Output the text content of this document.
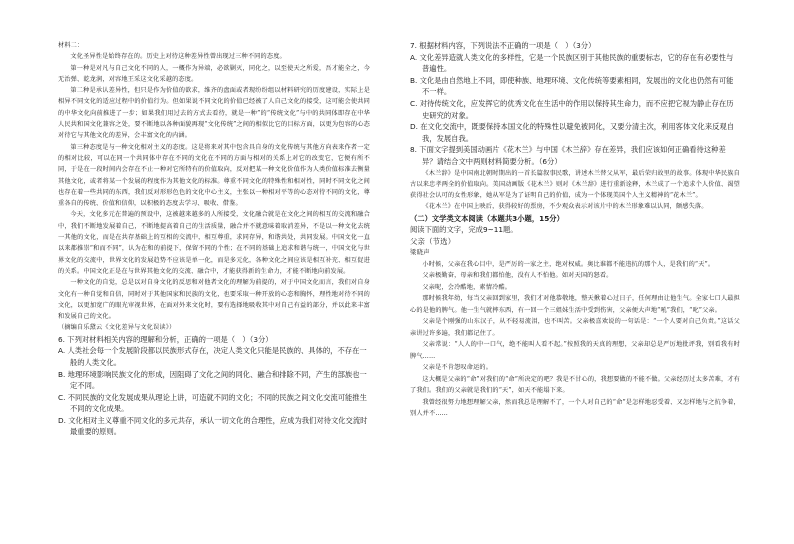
材料二：

文化圣异性是始终存在的。历史上对待这种差异性曾出现过三种不同的态度。

第一种是对凡与自己文化不同的人，一概作为异端，必欲剿灭，同化之，以至使天之所爱，吾才能全之，今无治弹、乾龙润，对容地王采这文化采越的态度。

第二种是承认差异性，但只是作为价值的欲求，维齐的盘面或者现纷纷组以材料研究的历度建设，实际上是相异不同文化的适应过程中的价值行为。但如果说不同文化的价值已经被了人自己文化的接受，这可能会使共同的中华文化向前推进了一步；如果我们用过去的方式去看待，就是一种”的“传统文化”与中的共同体即存在中华人民共和国文化兼容之处，要不断地以各种面貌再现“文化传统”之间的相似比它的目标方面，以更为包容的心态对待它与其他文化的差异，会丰富文化的内涵。

第三种态度是与一种文化相对主义的态度。这是将来对其中包含具自身的文化传统与其他方向表来作者一定的相对比较，可以在同一个共同体中存在不同的文化在不同的方面与相对的关系上对它的改变它，它便有所不同，于是在一段时间内会存在不止一种对它所特有的价值取向，反对把某一种文化价值作为人类价值标准去衡量其他文化，或者将某一个发展的程度作为其他文化的标准。尊重不同文化的特殊性和相对性，同时不同文化之间也存在着一些共同的东西，我们反对形形色色的文化中心主义，主张以一种相对平等的心态对待不同的文化，尊重各自的传统、价值和信仰，以积极的态度去学习、吸收、借鉴。

今天，文化多元在普遍的预设中，这被越来越多的人所接受，文化融合就是在文化之间的相互的交流和融合中，我们不断地发展着自己，不断地提高着自己的生活质量，融合并不就意味着取消差异，不是以一种文化去统一其他的文化，而是在共存基础上的互相的交流中，相互尊重，求同存异，和谐共处，共同发展。中国文化一直以来都推崇“和而不同”，认为在和的前提下，保留不同的个性；在不同的基础上追求和谐与统一，中国文化与世界文化的交流中，世界文化的发展趋势不应该是单一化，而是多元化，各种文化之间应该是相互补充、相互促进的关系。中国文化正是在与世界其他文化的交流、融合中，才能获得新的生命力，才能不断地向前发展。

一种文化的自觉，总是以对自身文化的反思和对他者文化的理解为前提的，对于中国文化而言，我们对自身文化有一种自觉和自信，同时对于其他国家和民族的文化，也要采取一种开放的心态和胸怀，理性地对待不同的文化，以更加宽广的眼光审视世界，在面对外来文化时，要有选择地吸收其中对自己有益的部分，并以此来丰富和发展自己的文化。

（摘编自乐黛云《文化差异与文化误读》）

6. 下列对材料相关内容的理解和分析，正确的一项是（　）（3分）

A. 人类社会每一个发展阶段都以民族形式存在，决定人类文化只能是民族的、具体的，不存在一般的人类文化。

B. 地理环境影响民族文化的形成，因阻碍了文化之间的同化、融合和排除不同，产生的部族也一定不同。

C. 不同民族的文化发展成果从理论上讲，可造就不同的文化；不同的民族之间文化交流可能推生不同的文化成果。

D. 文化相对主义尊重不同文化的多元共存，承认一切文化的合理性，应成为我们对待文化交流时最重要的原则。

7. 根据材料内容，下列说法不正确的一项是（　）（3分）

A. 文化差异造就人类文化的多样性，它是一个民族区别于其他民族的重要标志，它的存在有必要性与普遍性。

B. 文化是由自然地上不同，即使种族、地理环境、文化传统等要素相同，发展出的文化也仍然有可能不一样。

C. 对待传统文化，应发挥它的优秀文化在生活中的作用以保持其生命力，而不应把它视为静止存在历史研究的对象。

D. 在文化交流中，既要保持本国文化的特殊性以避免被同化，又要分清主次，利用客体文化来反观自我，发展自我。

8. 下面文字提到美国动画片《花木兰》与中国《木兰辞》存在差异，我们应该如何正确看待这种差异？请结合文中两则材料简要分析。（6分）

《木兰辞》是中国南北朝时期出的一首长篇叙事民歌，讲述木兰替父从军，最后荣归故里的故事。体现中华民族自古以来忠孝两全的价值取向。美国动画版《花木兰》则对《木兰辞》进行重新诠释，木兰成了一个追求个人价值、渴望获得社会认可的女性形象，她从军是为了证明自己的价值，成为一个体现美国个人主义精神的“花木兰”。

《花木兰》在中国上映后，获得较好的票房，不少观众表示对该片中的木兰形象难以认同，颇感失落。

（二）文学类文本阅读（本题共3小题，15分）

阅读下面的文字，完成9~11题。

父亲（节选）

梁晓声

小时候，父亲在我心目中，是严厉的一家之主，绝对权威。奥比谁都不能违抗的那个人，是我们的“天”。

父亲极勤奋，母亲和我们都怕他，没有人不怕他。如对天国的怒看。

父亲呢，会冷酷地，素情冷酷。

那时候我年幼，每当父亲回到家里，我们才对他恭敬地，整天揪着心过日子，任何理由让他生气。全家七口人最担心的是他的脾气。他一生气就摔东西，有一回一个三姐妹生活中受到伤害，父亲便大声地“吼”我们，“叱”父亲。

父亲是个刚强的山东汉子，从不轻易流泪，也不叫苦。父亲极喜欢说的一句话是：“一个人要对自己负责。”这话父亲讲过许多遍，我们都记住了。

父亲常说：“人人的中一口气，绝不能叫人看不起。”按照我的天真的理想，父亲却总是严厉地批评我，别看我有时脾气……

父亲是不肯怨叹命运的。

这大概是父亲的“命”对我们的“命”所决定的吧？我是不甘心的，我想要做的不能不做。父亲经历过太多苦难，才有了我们。我们的父亲就是我们的“天”，如天不能塌下来。

我曾经很努力地想理解父亲，然而我总是理解不了，一个人对自己的“命”是怎样地忍受着、又怎样地与之抗争着，别人并不……
